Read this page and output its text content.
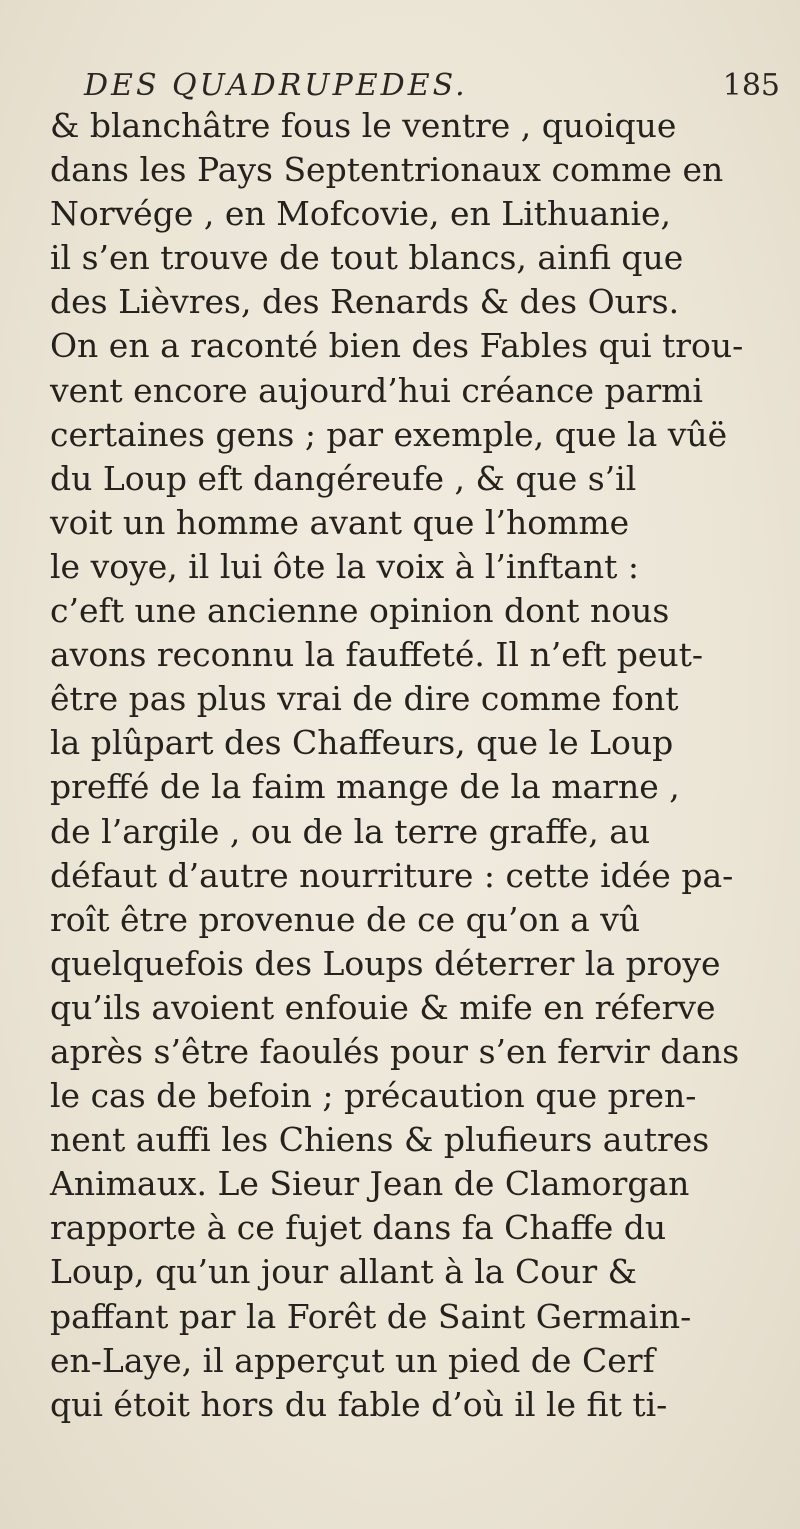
DES QUADRUPEDES.	185
& blanchâtre fous le ventre , quoique
dans les Pays Septentrionaux comme en
Norvége , en Mofcovie, en Lithuanie,
il s’en trouve de tout blancs, ainfi que
des Lièvres, des Renards & des Ours.
On en a raconté bien des Fables qui trou-
vent encore aujourd’hui créance parmi
certaines gens ; par exemple, que la vûë
du Loup eft dangéreufe , & que s’il
voit un homme avant que l’homme
le voye, il lui ôte la voix à l’inftant :
c’eft une ancienne opinion dont nous
avons reconnu la fauffeté. Il n’eft peut-
être pas plus vrai de dire comme font
la plûpart des Chaffeurs, que le Loup
preffé de la faim mange de la marne ,
de l’argile , ou de la terre graffe, au
défaut d’autre nourriture : cette idée pa-
roît être provenue de ce qu’on a vû
quelquefois des Loups déterrer la proye
qu’ils avoient enfouie & mife en réferve
après s’être faoulés pour s’en fervir dans
le cas de befoin ; précaution que pren-
nent auffi les Chiens & plufieurs autres
Animaux. Le Sieur Jean de Clamorgan
rapporte à ce fujet dans fa Chaffe du
Loup, qu’un jour allant à la Cour &
paffant par la Forêt de Saint Germain-
en-Laye, il apperçut un pied de Cerf
qui étoit hors du fable d’où il le fit ti-
